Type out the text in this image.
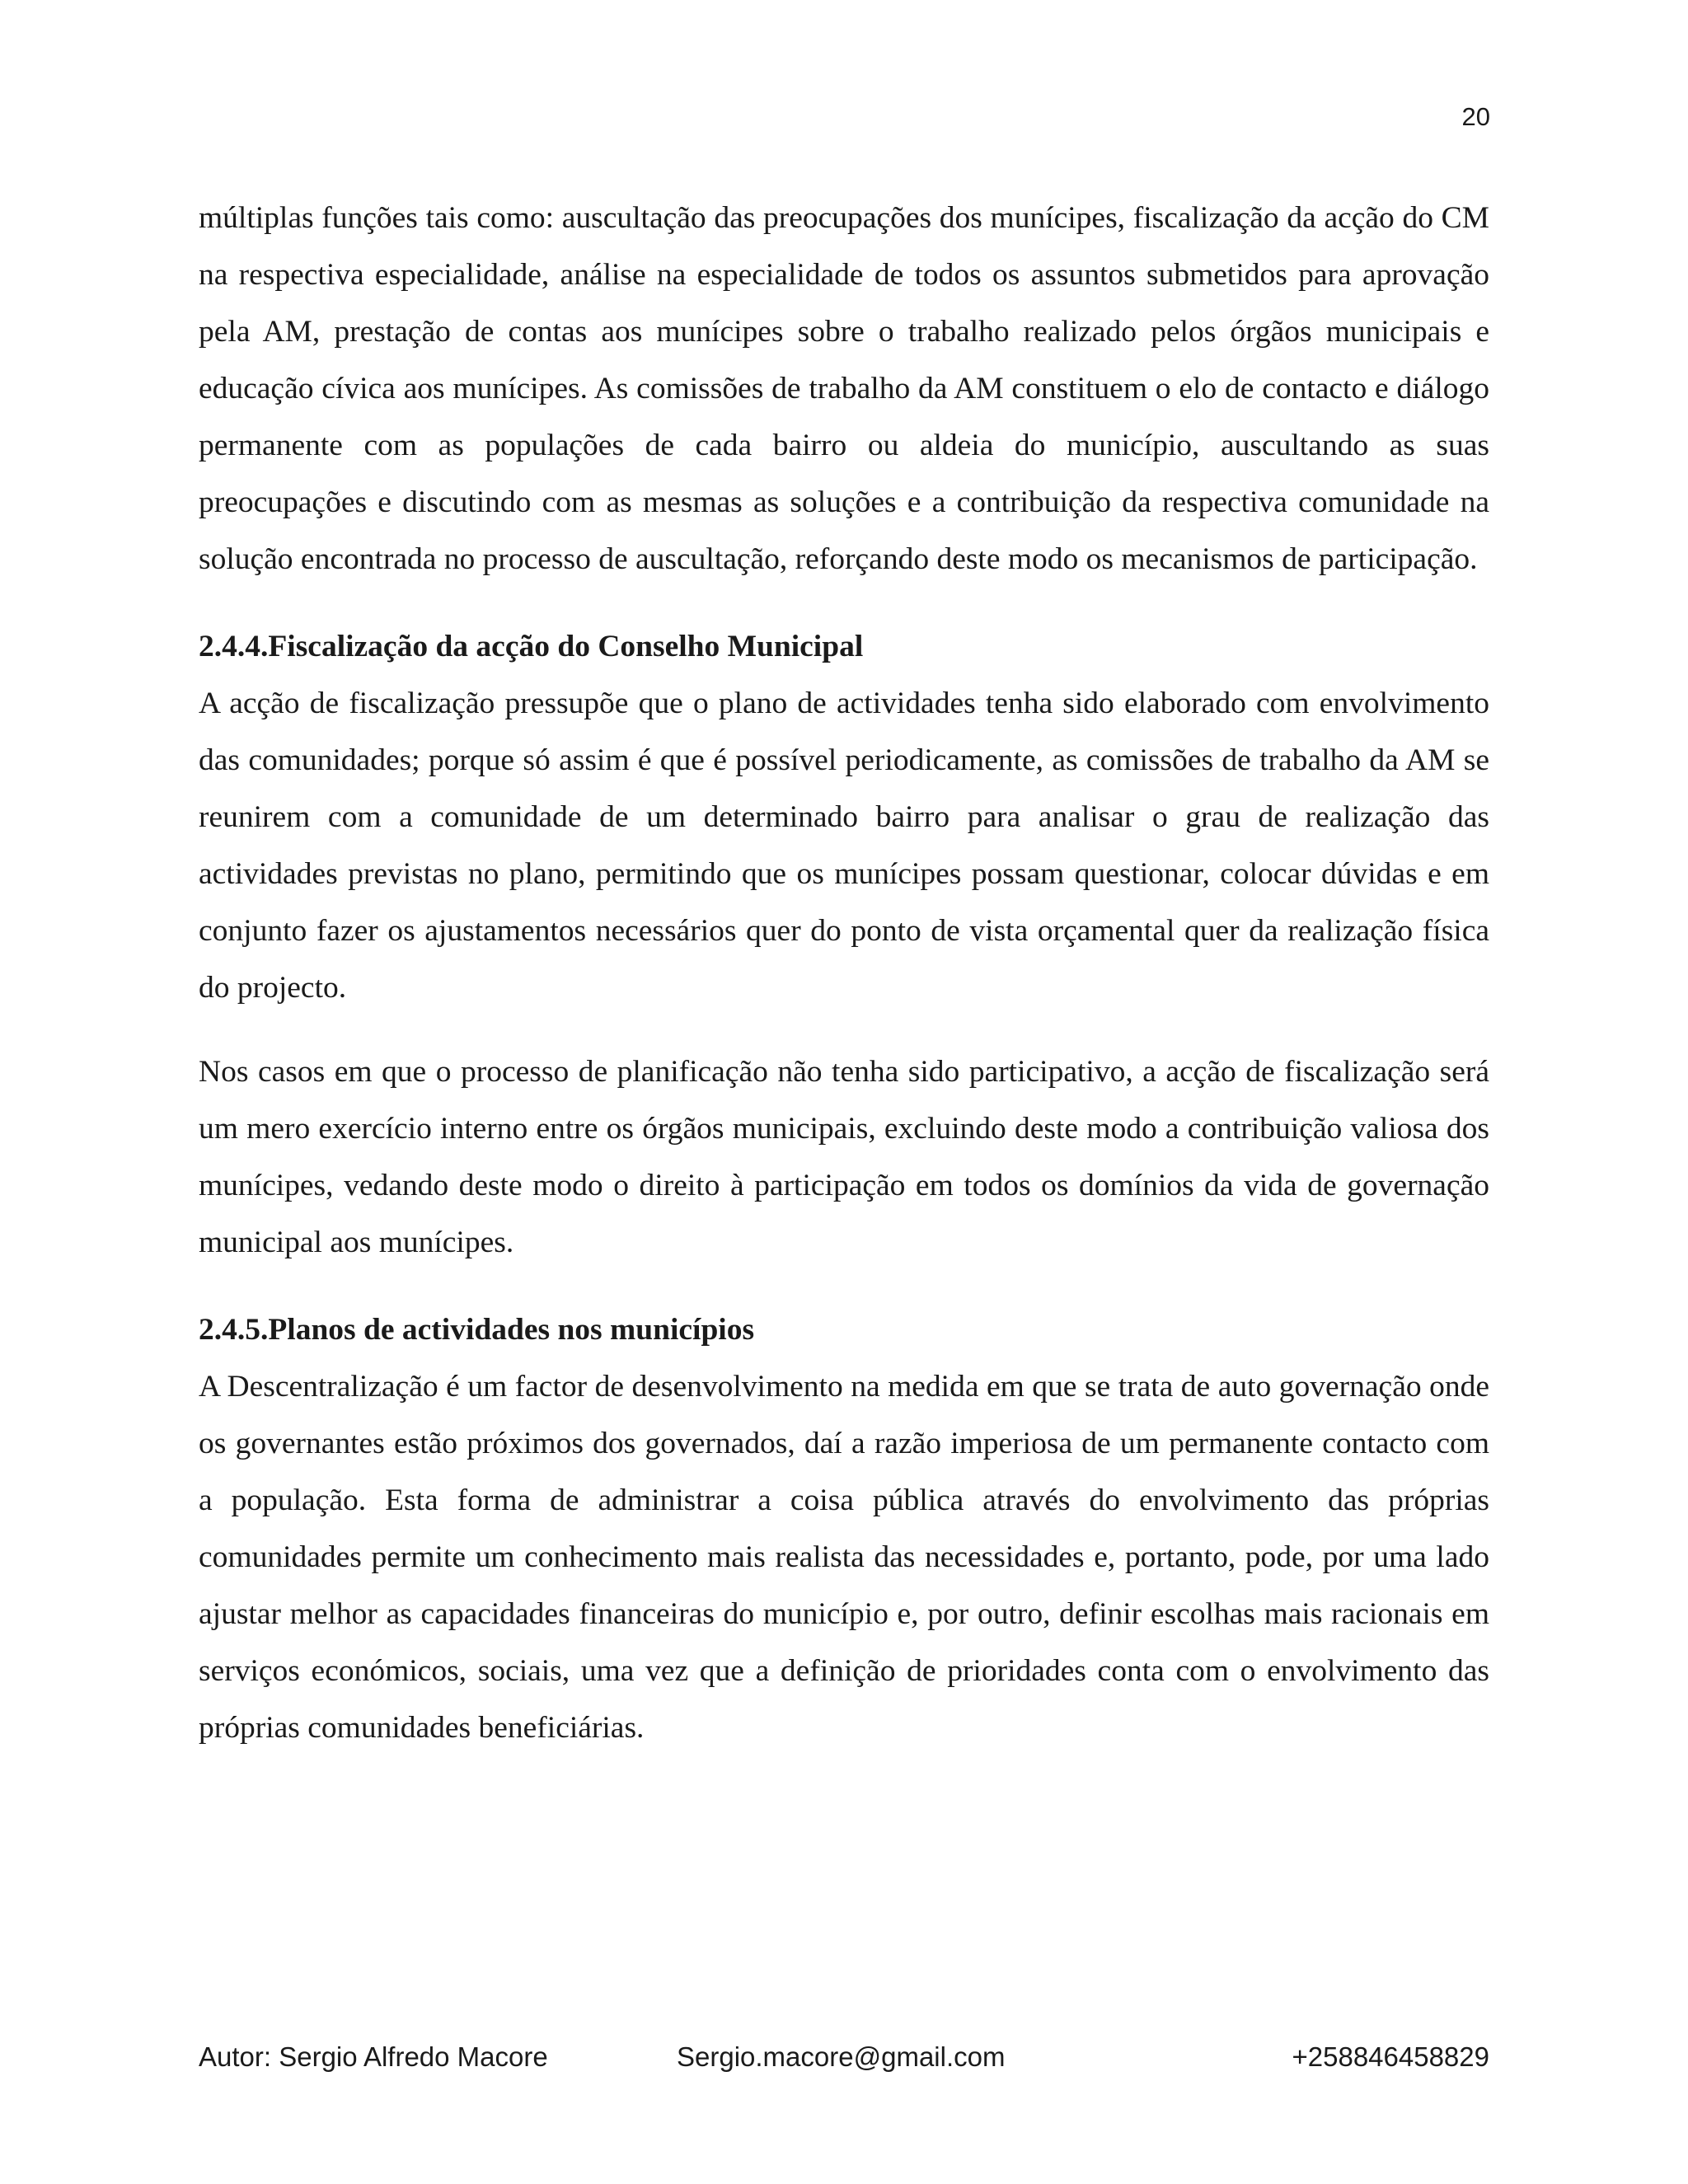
20

múltiplas funções tais como: auscultação das preocupações dos munícipes, fiscalização da acção do CM na respectiva especialidade, análise na especialidade de todos os assuntos submetidos para aprovação pela AM, prestação de contas aos munícipes sobre o trabalho realizado pelos órgãos municipais e educação cívica aos munícipes. As comissões de trabalho da AM constituem o elo de contacto e diálogo permanente com as populações de cada bairro ou aldeia do município, auscultando as suas preocupações e discutindo com as mesmas as soluções e a contribuição da respectiva comunidade na solução encontrada no processo de auscultação, reforçando deste modo os mecanismos de participação.

2.4.4.Fiscalização da acção do Conselho Municipal

A acção de fiscalização pressupõe que o plano de actividades tenha sido elaborado com envolvimento das comunidades; porque só assim é que é possível periodicamente, as comissões de trabalho da AM se reunirem com a comunidade de um determinado bairro para analisar o grau de realização das actividades previstas no plano, permitindo que os munícipes possam questionar, colocar dúvidas e em conjunto fazer os ajustamentos necessários quer do ponto de vista orçamental quer da realização física do projecto.

Nos casos em que o processo de planificação não tenha sido participativo, a acção de fiscalização será um mero exercício interno entre os órgãos municipais, excluindo deste modo a contribuição valiosa dos munícipes, vedando deste modo o direito à participação em todos os domínios da vida de governação municipal aos munícipes.

2.4.5.Planos de actividades nos municípios

A Descentralização é um factor de desenvolvimento na medida em que se trata de auto governação onde os governantes estão próximos dos governados, daí a razão imperiosa de um permanente contacto com a população. Esta forma de administrar a coisa pública através do envolvimento das próprias comunidades permite um conhecimento mais realista das necessidades e, portanto, pode, por uma lado ajustar melhor as capacidades financeiras do município e, por outro, definir escolhas mais racionais em serviços económicos, sociais, uma vez que a definição de prioridades conta com o envolvimento das próprias comunidades beneficiárias.

Autor: Sergio Alfredo Macore	Sergio.macore@gmail.com	+258846458829
